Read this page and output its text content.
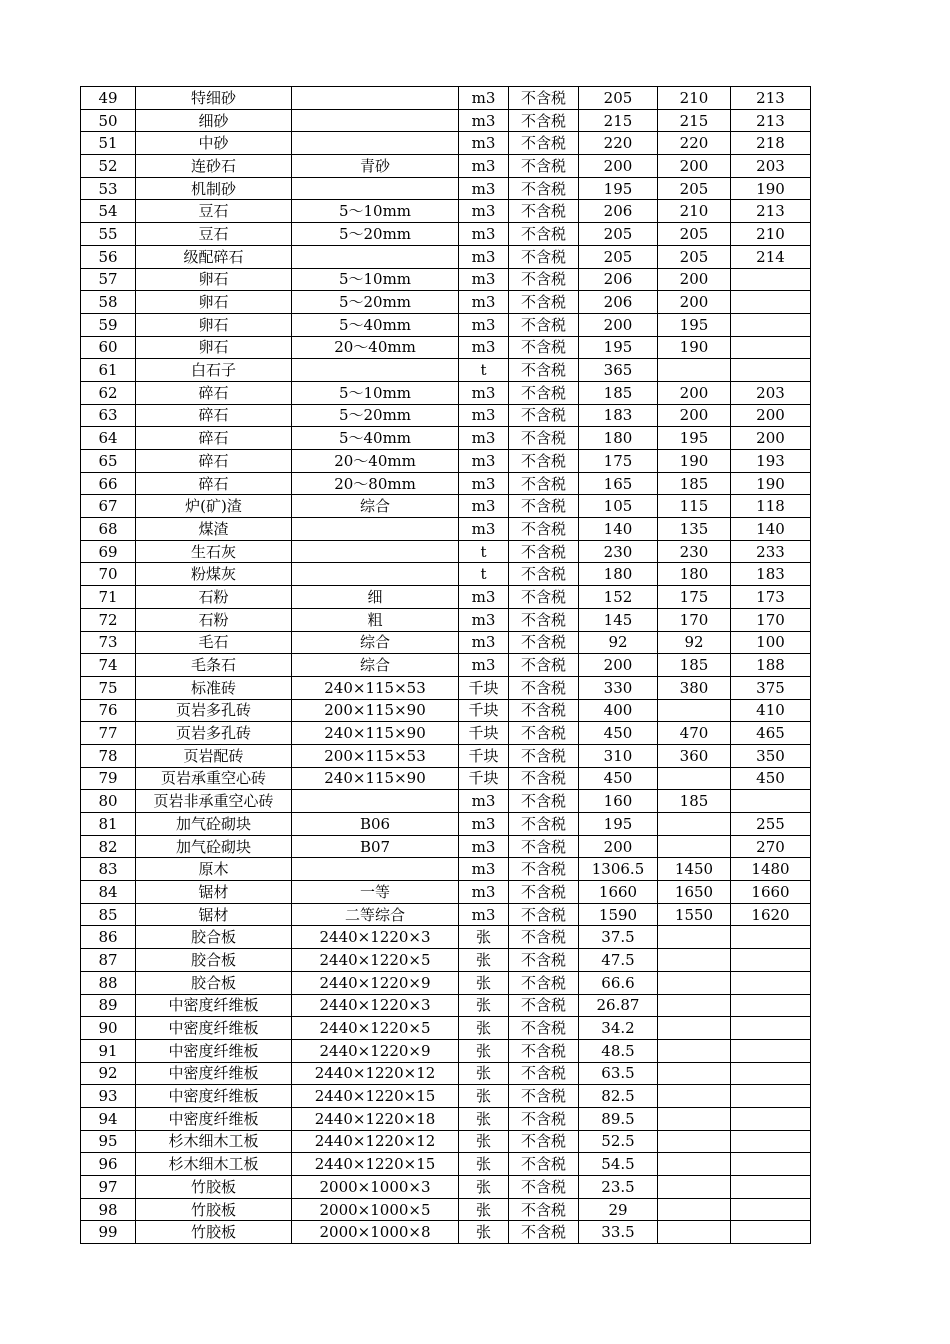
49	特细砂		m3	不含税	205	210	213
50	细砂		m3	不含税	215	215	213
51	中砂		m3	不含税	220	220	218
52	连砂石	青砂	m3	不含税	200	200	203
53	机制砂		m3	不含税	195	205	190
54	豆石	5～10mm	m3	不含税	206	210	213
55	豆石	5～20mm	m3	不含税	205	205	210
56	级配碎石		m3	不含税	205	205	214
57	卵石	5～10mm	m3	不含税	206	200	
58	卵石	5～20mm	m3	不含税	206	200	
59	卵石	5～40mm	m3	不含税	200	195	
60	卵石	20～40mm	m3	不含税	195	190	
61	白石子		t	不含税	365		
62	碎石	5～10mm	m3	不含税	185	200	203
63	碎石	5～20mm	m3	不含税	183	200	200
64	碎石	5～40mm	m3	不含税	180	195	200
65	碎石	20～40mm	m3	不含税	175	190	193
66	碎石	20～80mm	m3	不含税	165	185	190
67	炉(矿)渣	综合	m3	不含税	105	115	118
68	煤渣		m3	不含税	140	135	140
69	生石灰		t	不含税	230	230	233
70	粉煤灰		t	不含税	180	180	183
71	石粉	细	m3	不含税	152	175	173
72	石粉	粗	m3	不含税	145	170	170
73	毛石	综合	m3	不含税	92	92	100
74	毛条石	综合	m3	不含税	200	185	188
75	标准砖	240×115×53	千块	不含税	330	380	375
76	页岩多孔砖	200×115×90	千块	不含税	400		410
77	页岩多孔砖	240×115×90	千块	不含税	450	470	465
78	页岩配砖	200×115×53	千块	不含税	310	360	350
79	页岩承重空心砖	240×115×90	千块	不含税	450		450
80	页岩非承重空心砖		m3	不含税	160	185	
81	加气砼砌块	B06	m3	不含税	195		255
82	加气砼砌块	B07	m3	不含税	200		270
83	原木		m3	不含税	1306.5	1450	1480
84	锯材	一等	m3	不含税	1660	1650	1660
85	锯材	二等综合	m3	不含税	1590	1550	1620
86	胶合板	2440×1220×3	张	不含税	37.5		
87	胶合板	2440×1220×5	张	不含税	47.5		
88	胶合板	2440×1220×9	张	不含税	66.6		
89	中密度纤维板	2440×1220×3	张	不含税	26.87		
90	中密度纤维板	2440×1220×5	张	不含税	34.2		
91	中密度纤维板	2440×1220×9	张	不含税	48.5		
92	中密度纤维板	2440×1220×12	张	不含税	63.5		
93	中密度纤维板	2440×1220×15	张	不含税	82.5		
94	中密度纤维板	2440×1220×18	张	不含税	89.5		
95	杉木细木工板	2440×1220×12	张	不含税	52.5		
96	杉木细木工板	2440×1220×15	张	不含税	54.5		
97	竹胶板	2000×1000×3	张	不含税	23.5		
98	竹胶板	2000×1000×5	张	不含税	29		
99	竹胶板	2000×1000×8	张	不含税	33.5		
